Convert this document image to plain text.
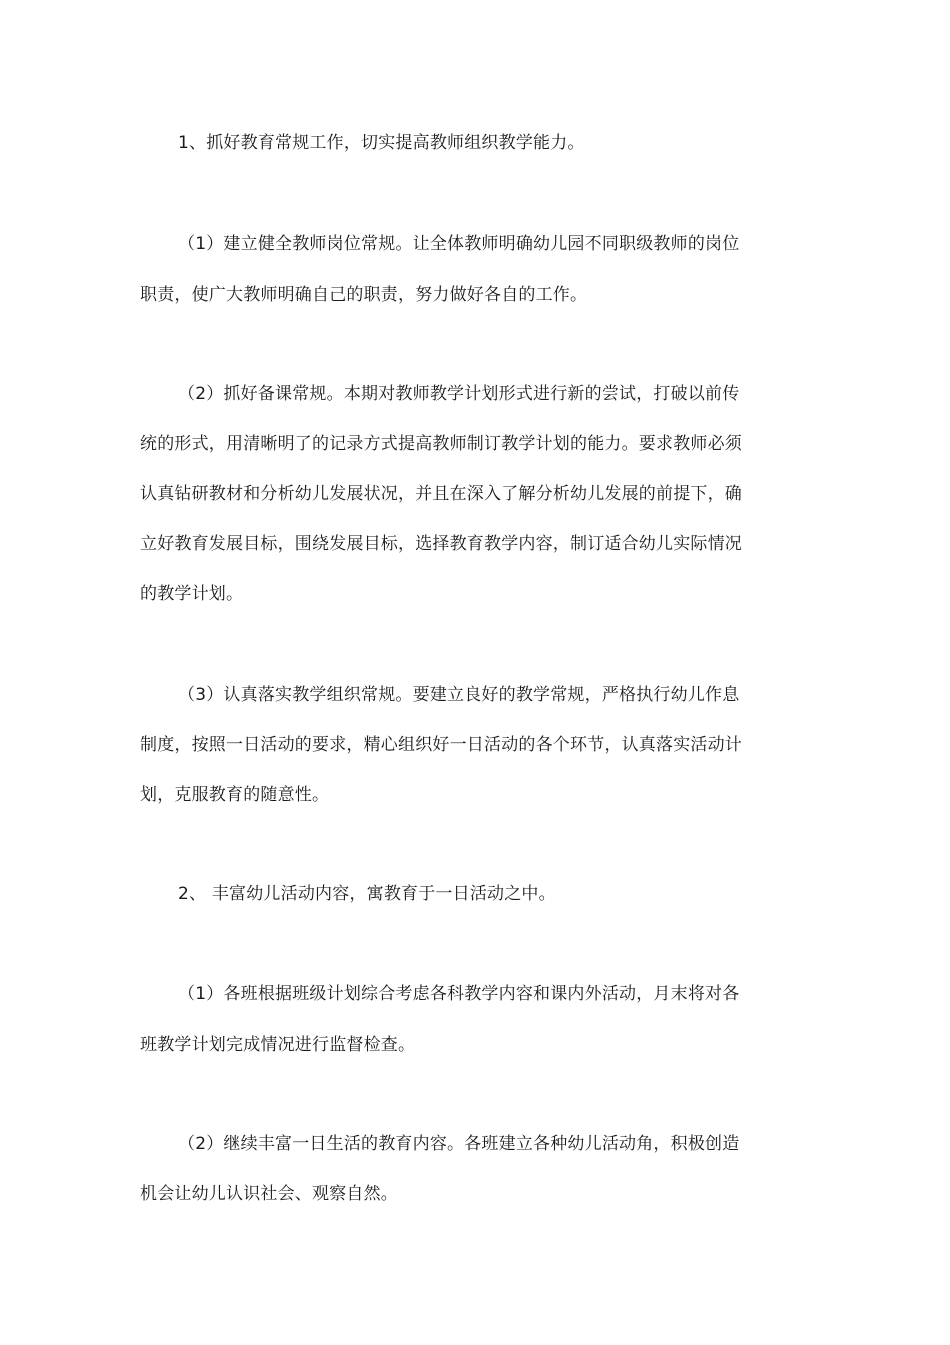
1、抓好教育常规工作，切实提高教师组织教学能力。
（1）建立健全教师岗位常规。让全体教师明确幼儿园不同职级教师的岗位
职责，使广大教师明确自己的职责，努力做好各自的工作。
（2）抓好备课常规。本期对教师教学计划形式进行新的尝试，打破以前传
统的形式，用清晰明了的记录方式提高教师制订教学计划的能力。要求教师必须
认真钻研教材和分析幼儿发展状况，并且在深入了解分析幼儿发展的前提下，确
立好教育发展目标，围绕发展目标，选择教育教学内容，制订适合幼儿实际情况
的教学计划。
（3）认真落实教学组织常规。要建立良好的教学常规，严格执行幼儿作息
制度，按照一日活动的要求，精心组织好一日活动的各个环节，认真落实活动计
划，克服教育的随意性。
2、 丰富幼儿活动内容，寓教育于一日活动之中。
（1）各班根据班级计划综合考虑各科教学内容和课内外活动，月末将对各
班教学计划完成情况进行监督检查。
（2）继续丰富一日生活的教育内容。各班建立各种幼儿活动角，积极创造
机会让幼儿认识社会、观察自然。
